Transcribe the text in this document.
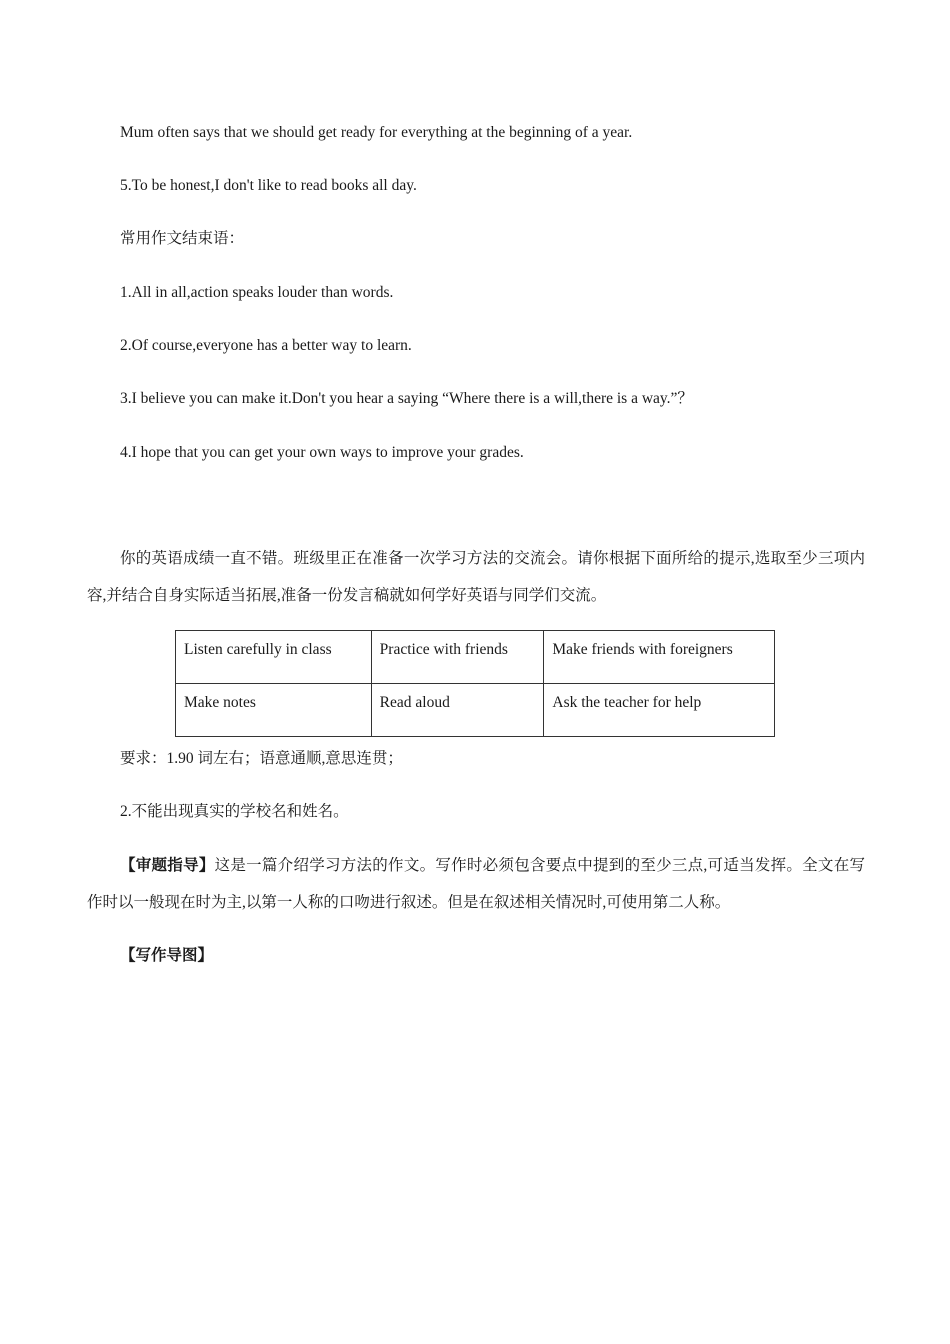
Mum often says that we should get ready for everything at the beginning of a year.
5.To be honest,I don't like to read books all day.
常用作文结束语：
1.All in all,action speaks louder than words.
2.Of course,everyone has a better way to learn.
3.I believe you can make it.Don't you hear a saying “Where there is a will,there is a way.”？
4.I hope that you can get your own ways to improve your grades.
你的英语成绩一直不错。班级里正在准备一次学习方法的交流会。请你根据下面所给的提示,选取至少三项内容,并结合自身实际适当拓展,准备一份发言稿就如何学好英语与同学们交流。
Listen carefully in class	Practice with friends	Make friends with foreigners
Make notes	Read aloud	Ask the teacher for help
要求：1.90 词左右；语意通顺,意思连贯；
2.不能出现真实的学校名和姓名。
【审题指导】这是一篇介绍学习方法的作文。写作时必须包含要点中提到的至少三点,可适当发挥。全文在写作时以一般现在时为主,以第一人称的口吻进行叙述。但是在叙述相关情况时,可使用第二人称。
【写作导图】
